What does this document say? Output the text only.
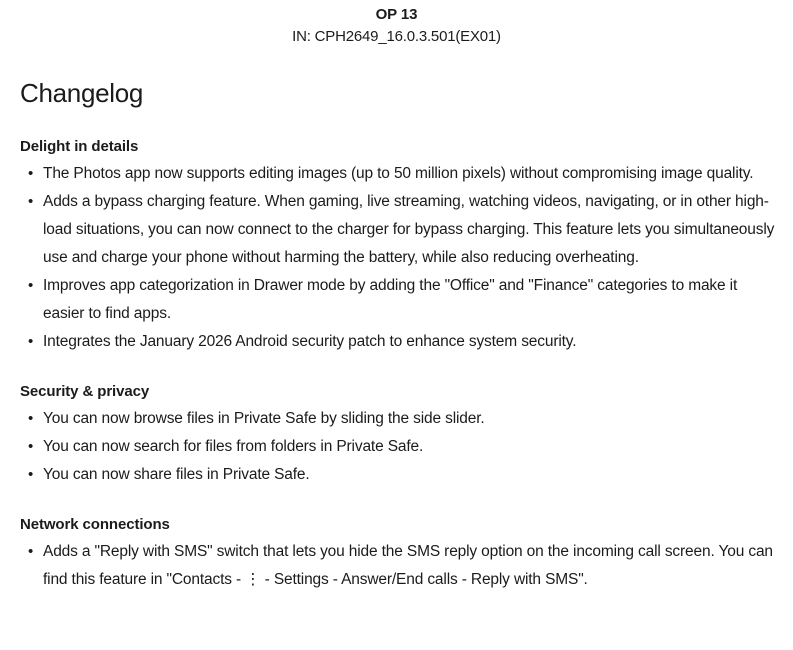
OP 13
IN: CPH2649_16.0.3.501(EX01)
Changelog
Delight in details
• The Photos app now supports editing images (up to 50 million pixels) without compromising image quality.
• Adds a bypass charging feature. When gaming, live streaming, watching videos, navigating, or in other high-load situations, you can now connect to the charger for bypass charging. This feature lets you simultaneously use and charge your phone without harming the battery, while also reducing overheating.
• Improves app categorization in Drawer mode by adding the "Office" and "Finance" categories to make it easier to find apps.
• Integrates the January 2026 Android security patch to enhance system security.
Security & privacy
• You can now browse files in Private Safe by sliding the side slider.
• You can now search for files from folders in Private Safe.
• You can now share files in Private Safe.
Network connections
• Adds a "Reply with SMS" switch that lets you hide the SMS reply option on the incoming call screen. You can find this feature in "Contacts - ⋮ - Settings - Answer/End calls - Reply with SMS".
